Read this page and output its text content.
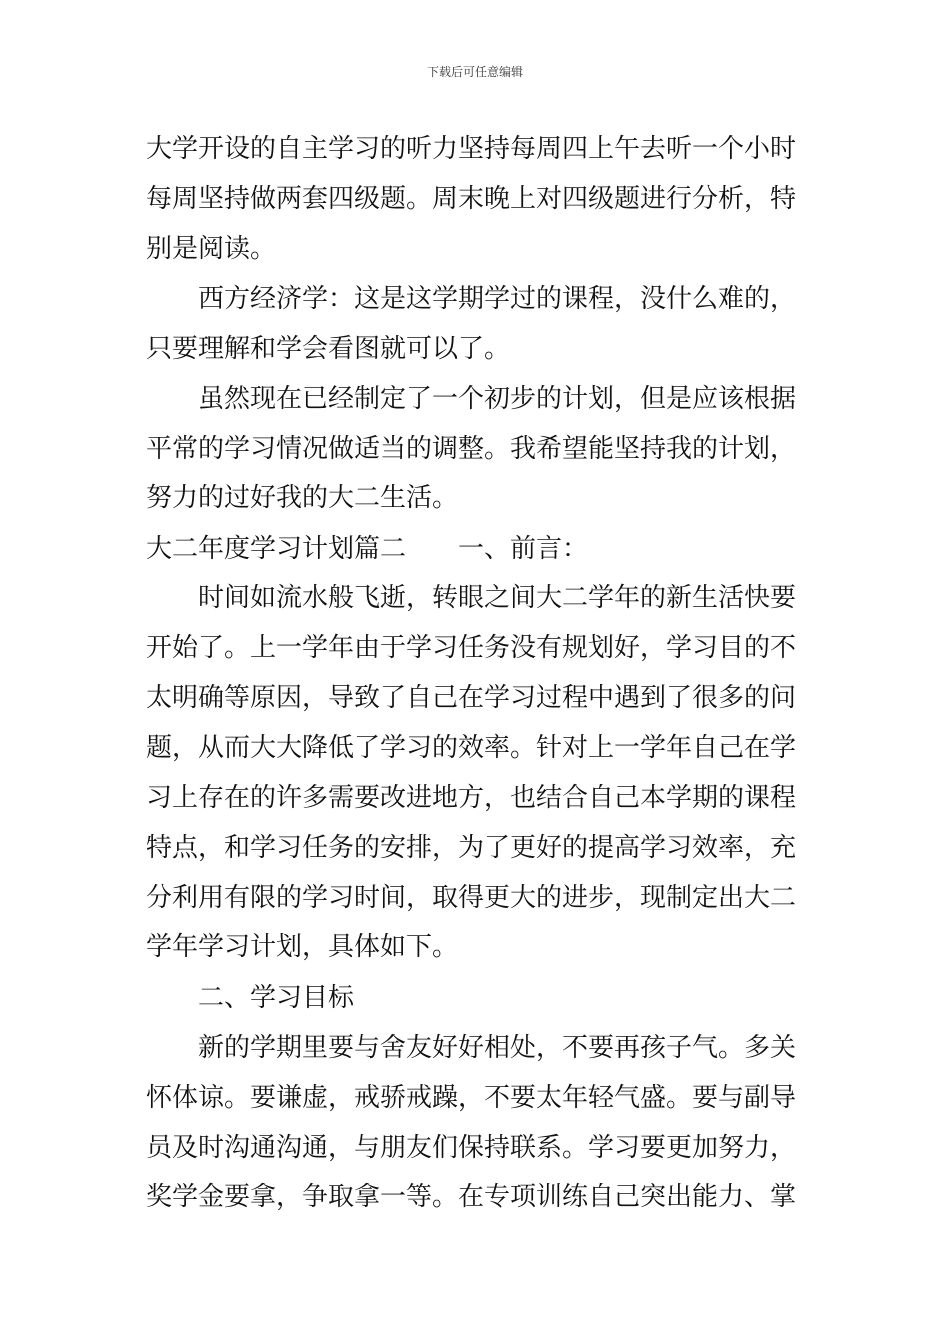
下载后可任意编辑
大学开设的自主学习的听力坚持每周四上午去听一个小时
每周坚持做两套四级题。周末晚上对四级题进行分析，特
别是阅读。
西方经济学：这是这学期学过的课程，没什么难的，
只要理解和学会看图就可以了。
虽然现在已经制定了一个初步的计划，但是应该根据
平常的学习情况做适当的调整。我希望能坚持我的计划，
努力的过好我的大二生活。
大二年度学习计划篇二　　一、前言：
时间如流水般飞逝，转眼之间大二学年的新生活快要
开始了。上一学年由于学习任务没有规划好，学习目的不
太明确等原因，导致了自己在学习过程中遇到了很多的问
题，从而大大降低了学习的效率。针对上一学年自己在学
习上存在的许多需要改进地方，也结合自己本学期的课程
特点，和学习任务的安排，为了更好的提高学习效率，充
分利用有限的学习时间，取得更大的进步，现制定出大二
学年学习计划，具体如下。
二、学习目标
新的学期里要与舍友好好相处，不要再孩子气。多关
怀体谅。要谦虚，戒骄戒躁，不要太年轻气盛。要与副导
员及时沟通沟通，与朋友们保持联系。学习要更加努力，
奖学金要拿，争取拿一等。在专项训练自己突出能力、掌
